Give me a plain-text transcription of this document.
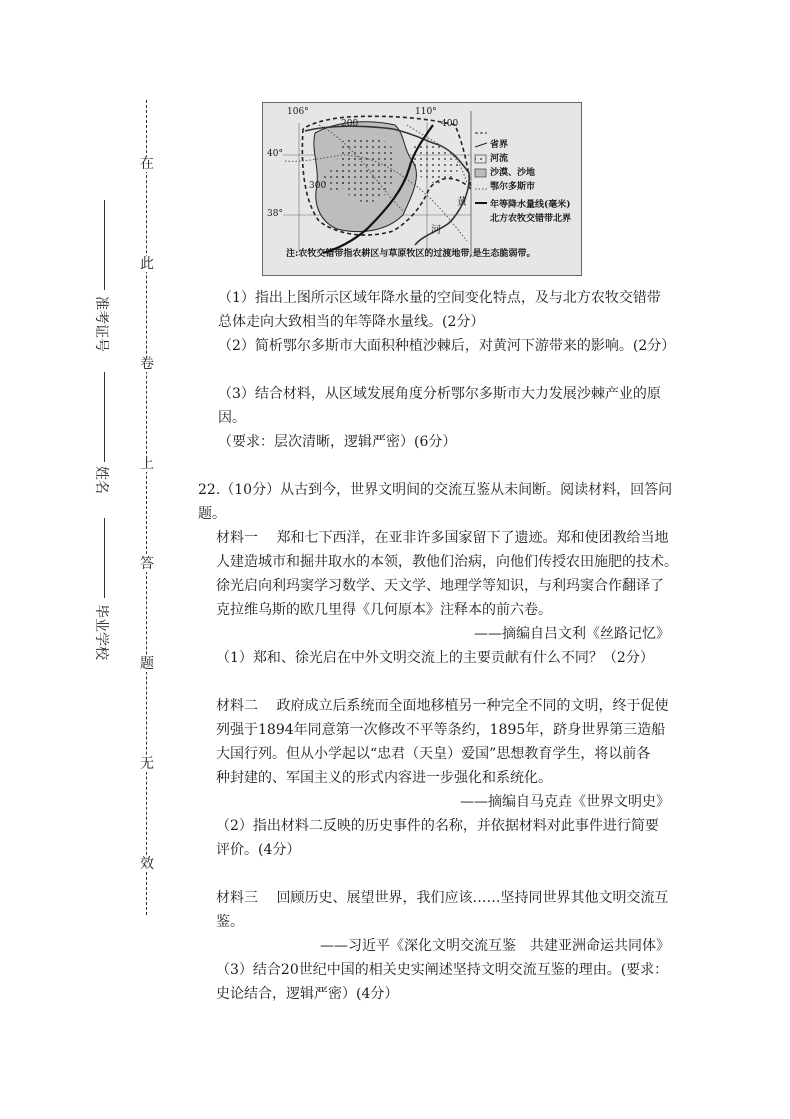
在
此
卷
上
答
题
无
效
准考证号
姓名
毕业学校
106°	110°
40°
38°
200
300
400
黄
河
省界
河流
沙漠、沙地
鄂尔多斯市
年等降水量线(毫米)
北方农牧交错带北界
注:农牧交错带指农耕区与草原牧区的过渡地带,是生态脆弱带。
（1）指出上图所示区域年降水量的空间变化特点，及与北方农牧交错带
总体走向大致相当的年等降水量线。(2分）
（2）简析鄂尔多斯市大面积种植沙棘后，对黄河下游带来的影响。(2分）
（3）结合材料，从区域发展角度分析鄂尔多斯市大力发展沙棘产业的原
因。
（要求：层次清晰，逻辑严密）(6分）
22.（10分）从古到今，世界文明间的交流互鉴从未间断。阅读材料，回答问
题。
材料一　 郑和七下西洋，在亚非许多国家留下了遗迹。郑和使团教给当地
人建造城市和掘井取水的本领，教他们治病，向他们传授农田施肥的技术。
徐光启向利玛窦学习数学、天文学、地理学等知识，与利玛窦合作翻译了
克拉维乌斯的欧几里得《几何原本》注释本的前六卷。
——摘编自吕文利《丝路记忆》
（1）郑和、徐光启在中外文明交流上的主要贡献有什么不同？（2分）
材料二　 政府成立后系统而全面地移植另一种完全不同的文明，终于促使
列强于1894年同意第一次修改不平等条约，1895年，跻身世界第三造船
大国行列。但从小学起以“忠君（天皇）爱国”思想教育学生，将以前各
种封建的、军国主义的形式内容进一步强化和系统化。
——摘编自马克垚《世界文明史》
（2）指出材料二反映的历史事件的名称，并依据材料对此事件进行简要
评价。(4分）
材料三　 回顾历史、展望世界，我们应该……坚持同世界其他文明交流互
鉴。
——习近平《深化文明交流互鉴　共建亚洲命运共同体》
（3）结合20世纪中国的相关史实阐述坚持文明交流互鉴的理由。(要求：
史论结合，逻辑严密）(4分）
